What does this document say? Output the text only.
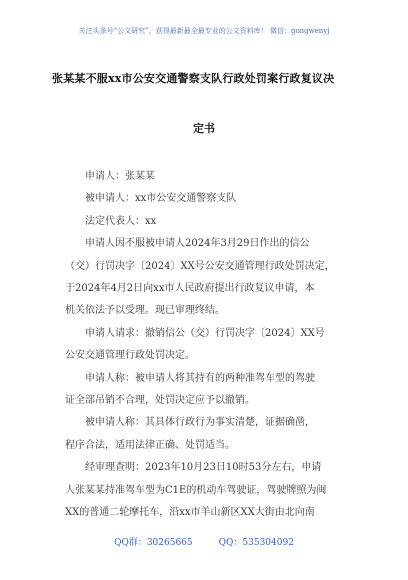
关注头条号“公文研究”，获得最新最全最专业的公文资料库！ 微信：gongwenyj
张某某不服xx市公安交通警察支队行政处罚案行政复议决
定书

申请人：张某某

被申请人：xx市公安交通警察支队

法定代表人：xx

申请人因不服被申请人2024年3月29日作出的信公

（交）行罚决字〔2024〕XX号公安交通管理行政处罚决定，

于2024年4月2日向xx市人民政府提出行政复议申请，本

机关依法予以受理。现已审理终结。

申请人请求：撤销信公（交）行罚决字〔2024〕XX号

公安交通管理行政处罚决定。

申请人称：被申请人将其持有的两种准驾车型的驾驶

证全部吊销不合理，处罚决定应予以撤销。

被申请人称：其具体行政行为事实清楚，证据确凿，

程序合法，适用法律正确、处罚适当。

经审理查明：2023年10月23日10时53分左右，申请

人张某某持准驾车型为C1E的机动车驾驶证，驾驶牌照为闽

XX的普通二轮摩托车，沿xx市羊山新区XX大街由北向南

QQ群：30265665	QQ：535304092
